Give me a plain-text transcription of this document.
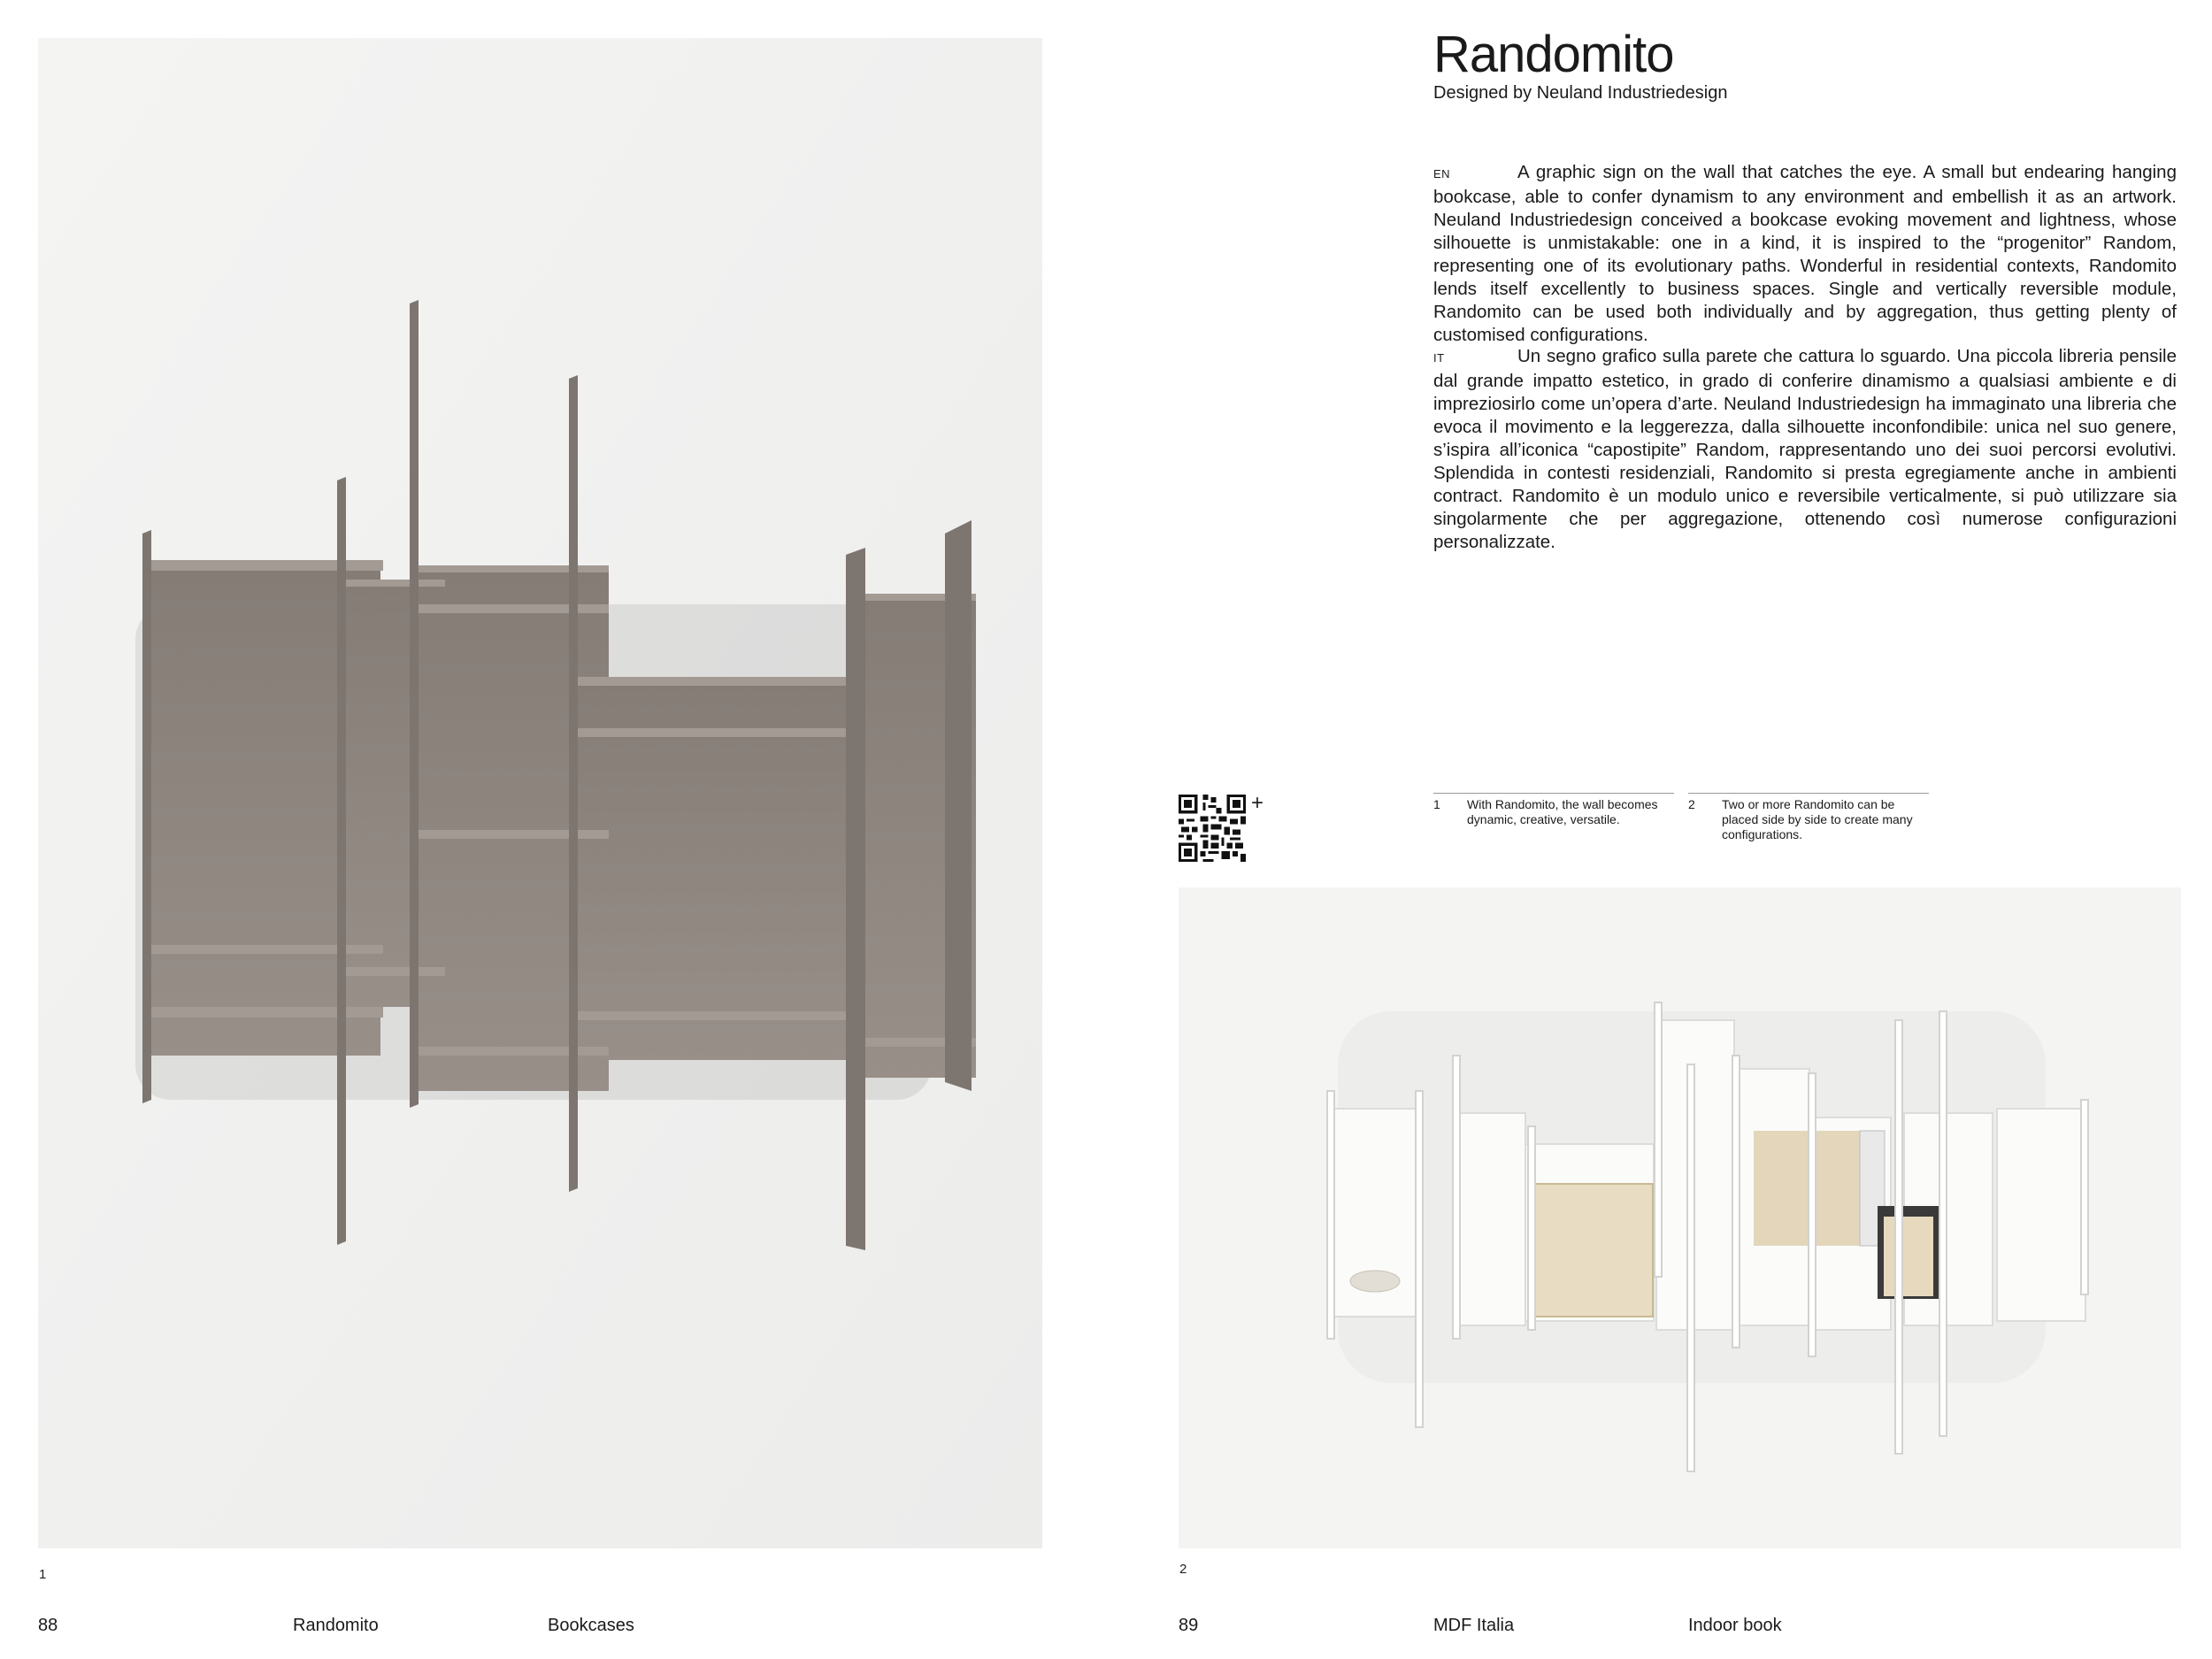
1
Randomito
Designed by Neuland Industriedesign

EN	A graphic sign on the wall that catches the eye. A small but endearing hanging bookcase, able to confer dynamism to any environment and embellish it as an artwork. Neuland Industriedesign conceived a bookcase evoking movement and lightness, whose silhouette is unmistakable: one in a kind, it is inspired to the “progenitor” Random, representing one of its evolutionary paths. Wonderful in residential contexts, Randomito lends itself excellently to business spaces. Single and vertically reversible module, Randomito can be used both individually and by aggregation, thus getting plenty of customised configurations.

IT	Un segno grafico sulla parete che cattura lo sguardo. Una piccola libreria pensile dal grande impatto estetico, in grado di conferire dinamismo a qualsiasi ambiente e di impreziosirlo come un’opera d’arte. Neuland Industriedesign ha immaginato una libreria che evoca il movimento e la leggerezza, dalla silhouette inconfondibile: unica nel suo genere, s’ispira all’iconica “capostipite” Random, rappresentando uno dei suoi percorsi evolutivi. Splendida in contesti residenziali, Randomito si presta egregiamente anche in ambienti contract. Randomito è un modulo unico e reversibile verticalmente, si può utilizzare sia singolarmente che per aggregazione, ottenendo così numerose configurazioni personalizzate.

+	1	With Randomito, the wall becomes dynamic, creative, versatile.
2	Two or more Randomito can be placed side by side to create many configurations.
2
88	Randomito	Bookcases	89	MDF Italia	Indoor book
